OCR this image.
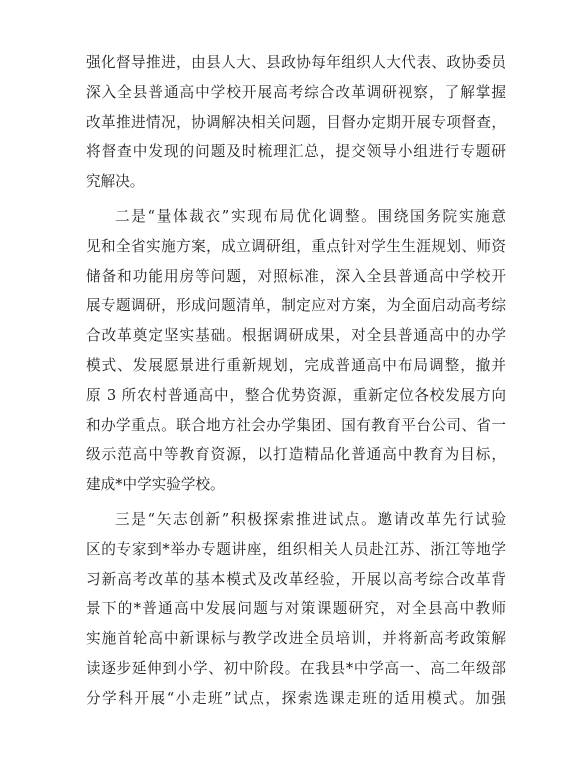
强化督导推进，由县人大、县政协每年组织人大代表、政协委员
深入全县普通高中学校开展高考综合改革调研视察，了解掌握
改革推进情况，协调解决相关问题，目督办定期开展专项督查，
将督查中发现的问题及时梳理汇总，提交领导小组进行专题研
究解决。
二是“量体裁衣”实现布局优化调整。围绕国务院实施意
见和全省实施方案，成立调研组，重点针对学生生涯规划、师资
储备和功能用房等问题，对照标准，深入全县普通高中学校开
展专题调研，形成问题清单，制定应对方案，为全面启动高考综
合改革奠定坚实基础。根据调研成果，对全县普通高中的办学
模式、发展愿景进行重新规划，完成普通高中布局调整，撤并
原 3 所农村普通高中，整合优势资源，重新定位各校发展方向
和办学重点。联合地方社会办学集团、国有教育平台公司、省一
级示范高中等教育资源，以打造精品化普通高中教育为目标，
建成*中学实验学校。
三是“矢志创新”积极探索推进试点。邀请改革先行试验
区的专家到*举办专题讲座，组织相关人员赴江苏、浙江等地学
习新高考改革的基本模式及改革经验，开展以高考综合改革背
景下的*普通高中发展问题与对策课题研究，对全县高中教师
实施首轮高中新课标与教学改进全员培训，并将新高考政策解
读逐步延伸到小学、初中阶段。在我县*中学高一、高二年级部
分学科开展“小走班”试点，探索选课走班的适用模式。加强
